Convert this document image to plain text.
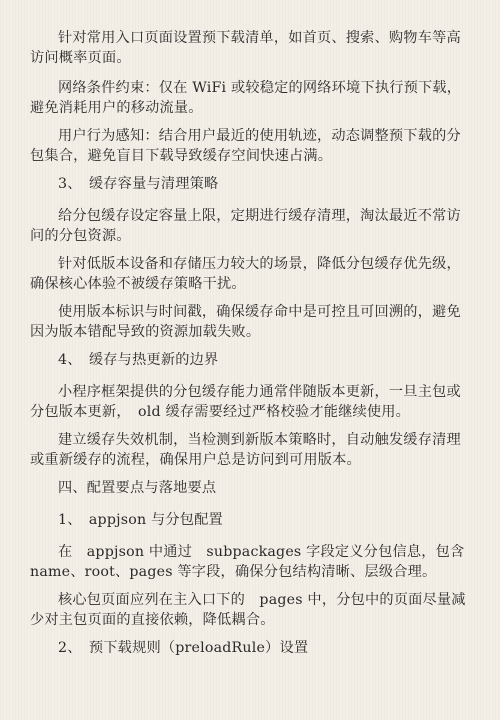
针对常用入口页面设置预下载清单，如首页、搜索、购物车等高访问概率页面。
网络条件约束：仅在 WiFi 或较稳定的网络环境下执行预下载，避免消耗用户的移动流量。
用户行为感知：结合用户最近的使用轨迹，动态调整预下载的分包集合，避免盲目下载导致缓存空间快速占满。
3、　缓存容量与清理策略
给分包缓存设定容量上限，定期进行缓存清理，淘汰最近不常访问的分包资源。
针对低版本设备和存储压力较大的场景，降低分包缓存优先级，确保核心体验不被缓存策略干扰。
使用版本标识与时间戳，确保缓存命中是可控且可回溯的，避免因为版本错配导致的资源加载失败。
4、　缓存与热更新的边界
小程序框架提供的分包缓存能力通常伴随版本更新，一旦主包或分包版本更新，　old 缓存需要经过严格校验才能继续使用。
建立缓存失效机制，当检测到新版本策略时，自动触发缓存清理或重新缓存的流程，确保用户总是访问到可用版本。
四、配置要点与落地要点
1、　appjson 与分包配置
在　appjson 中通过　subpackages 字段定义分包信息，包含 name、root、pages 等字段，确保分包结构清晰、层级合理。
核心包页面应列在主入口下的　pages 中，分包中的页面尽量减少对主包页面的直接依赖，降低耦合。
2、　预下载规则（preloadRule）设置
